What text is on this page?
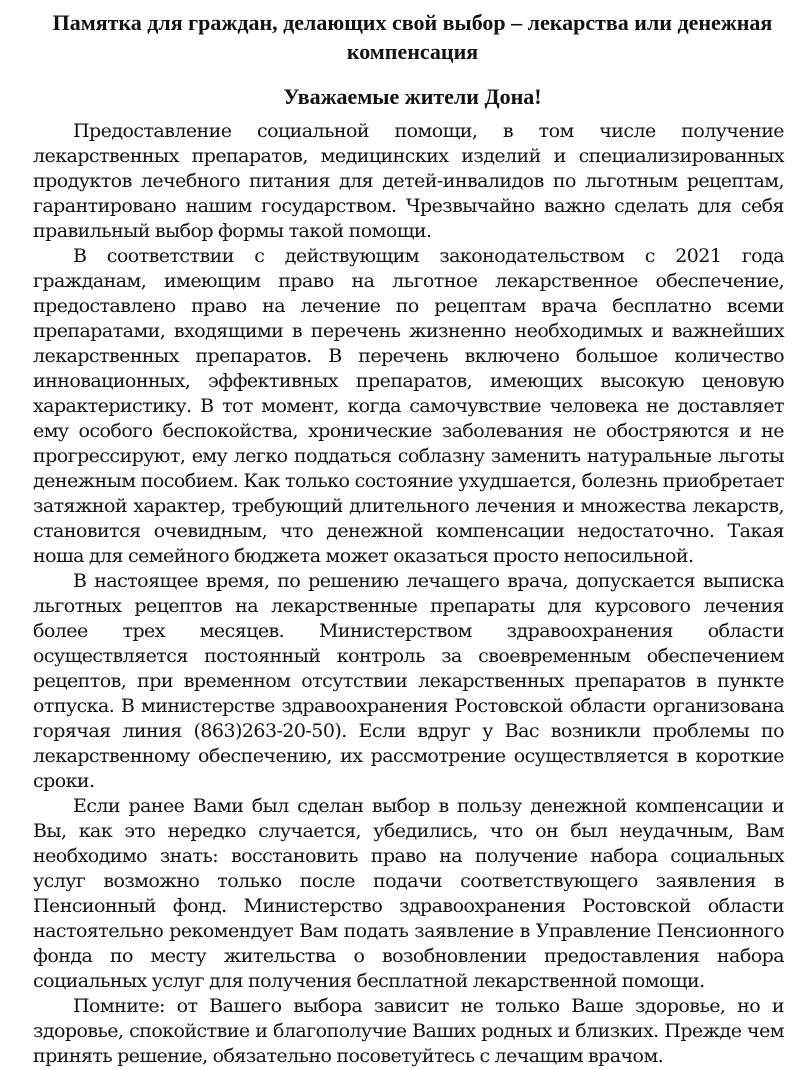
Памятка для граждан, делающих свой выбор – лекарства или денежная компенсация
Уважаемые жители Дона!

Предоставление социальной помощи, в том числе получение лекарственных препаратов, медицинских изделий и специализированных продуктов лечебного питания для детей-инвалидов по льготным рецептам, гарантировано нашим государством. Чрезвычайно важно сделать для себя правильный выбор формы такой помощи.

В соответствии с действующим законодательством с 2021 года гражданам, имеющим право на льготное лекарственное обеспечение, предоставлено право на лечение по рецептам врача бесплатно всеми препаратами, входящими в перечень жизненно необходимых и важнейших лекарственных препаратов. В перечень включено большое количество инновационных, эффективных препаратов, имеющих высокую ценовую характеристику. В тот момент, когда самочувствие человека не доставляет ему особого беспокойства, хронические заболевания не обостряются и не прогрессируют, ему легко поддаться соблазну заменить натуральные льготы денежным пособием. Как только состояние ухудшается, болезнь приобретает затяжной характер, требующий длительного лечения и множества лекарств, становится очевидным, что денежной компенсации недостаточно. Такая ноша для семейного бюджета может оказаться просто непосильной.

В настоящее время, по решению лечащего врача, допускается выписка льготных рецептов на лекарственные препараты для курсового лечения более трех месяцев. Министерством здравоохранения области осуществляется постоянный контроль за своевременным обеспечением рецептов, при временном отсутствии лекарственных препаратов в пункте отпуска. В министерстве здравоохранения Ростовской области организована горячая линия (863)263-20-50). Если вдруг у Вас возникли проблемы по лекарственному обеспечению, их рассмотрение осуществляется в короткие сроки.

Если ранее Вами был сделан выбор в пользу денежной компенсации и Вы, как это нередко случается, убедились, что он был неудачным, Вам необходимо знать: восстановить право на получение набора социальных услуг возможно только после подачи соответствующего заявления в Пенсионный фонд. Министерство здравоохранения Ростовской области настоятельно рекомендует Вам подать заявление в Управление Пенсионного фонда по месту жительства о возобновлении предоставления набора социальных услуг для получения бесплатной лекарственной помощи.

Помните: от Вашего выбора зависит не только Ваше здоровье, но и здоровье, спокойствие и благополучие Ваших родных и близких. Прежде чем принять решение, обязательно посоветуйтесь с лечащим врачом.
